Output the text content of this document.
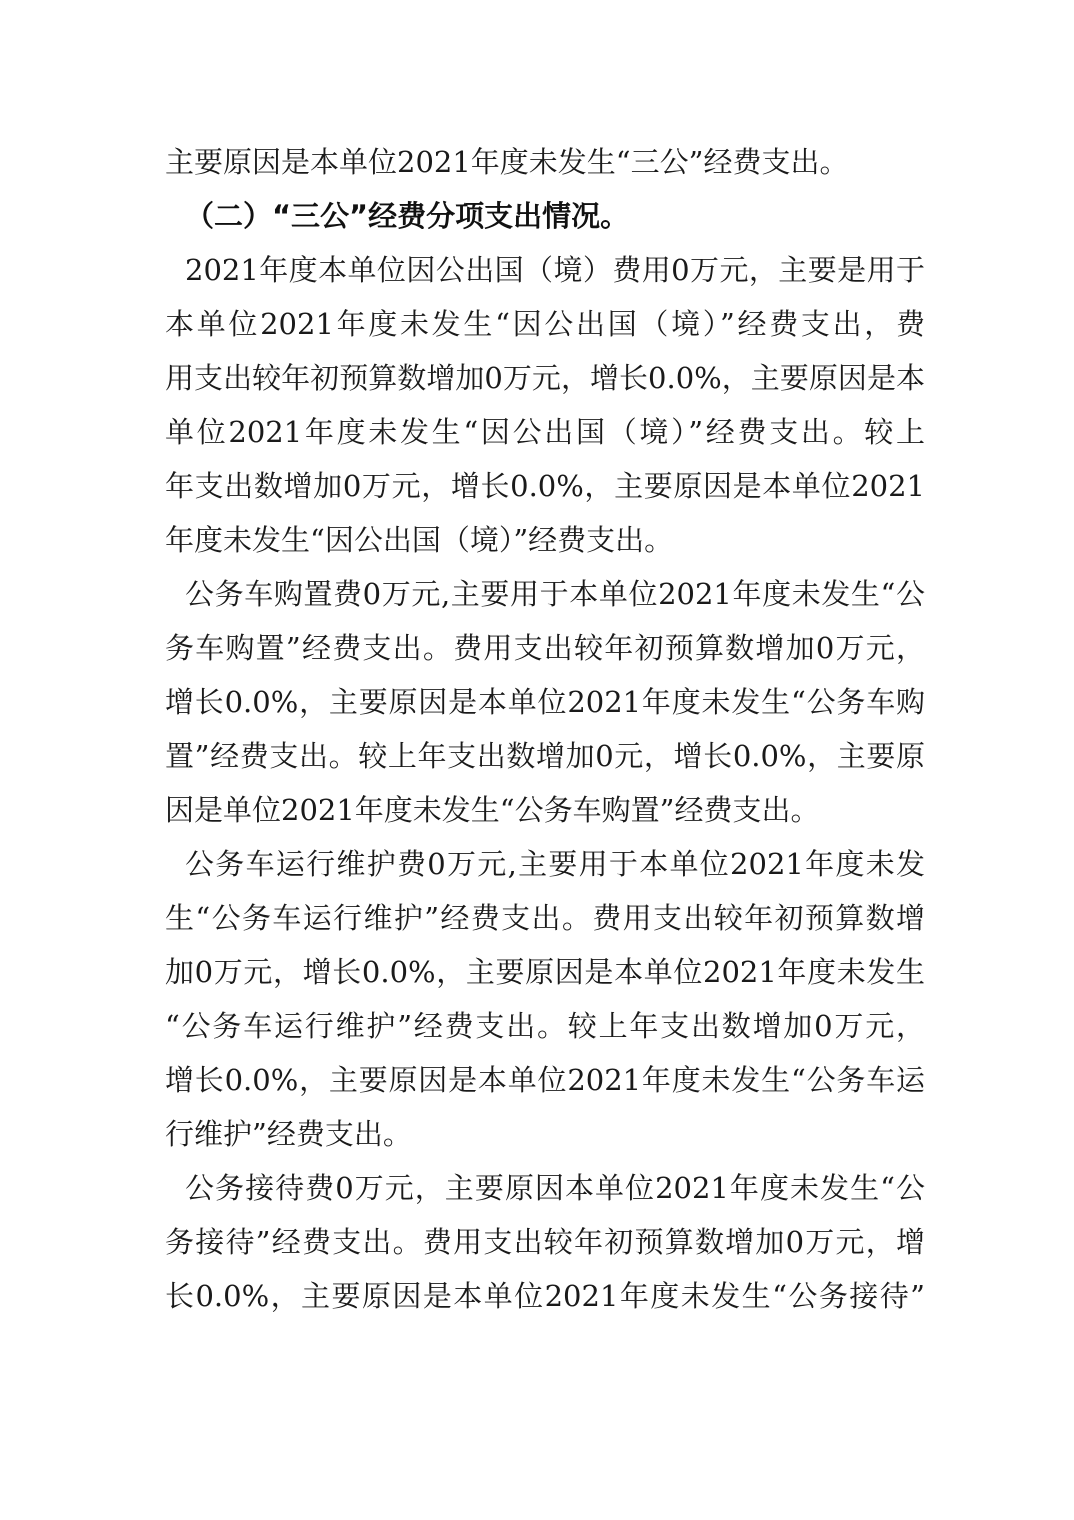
主要原因是本单位2021年度未发生“三公”经费支出。
（二）“三公”经费分项支出情况。
2021年度本单位因公出国（境）费用0万元，主要是用于
本单位2021年度未发生“因公出国（境）”经费支出，费
用支出较年初预算数增加0万元，增长0.0%，主要原因是本
单位2021年度未发生“因公出国（境）”经费支出。较上
年支出数增加0万元，增长0.0%，主要原因是本单位2021
年度未发生“因公出国（境）”经费支出。
公务车购置费0万元,主要用于本单位2021年度未发生“公
务车购置”经费支出。费用支出较年初预算数增加0万元，
增长0.0%，主要原因是本单位2021年度未发生“公务车购
置”经费支出。较上年支出数增加0元，增长0.0%，主要原
因是单位2021年度未发生“公务车购置”经费支出。
公务车运行维护费0万元,主要用于本单位2021年度未发
生“公务车运行维护”经费支出。费用支出较年初预算数增
加0万元，增长0.0%，主要原因是本单位2021年度未发生
“公务车运行维护”经费支出。较上年支出数增加0万元，
增长0.0%，主要原因是本单位2021年度未发生“公务车运
行维护”经费支出。
公务接待费0万元，主要原因本单位2021年度未发生“公
务接待”经费支出。费用支出较年初预算数增加0万元，增
长0.0%，主要原因是本单位2021年度未发生“公务接待”
